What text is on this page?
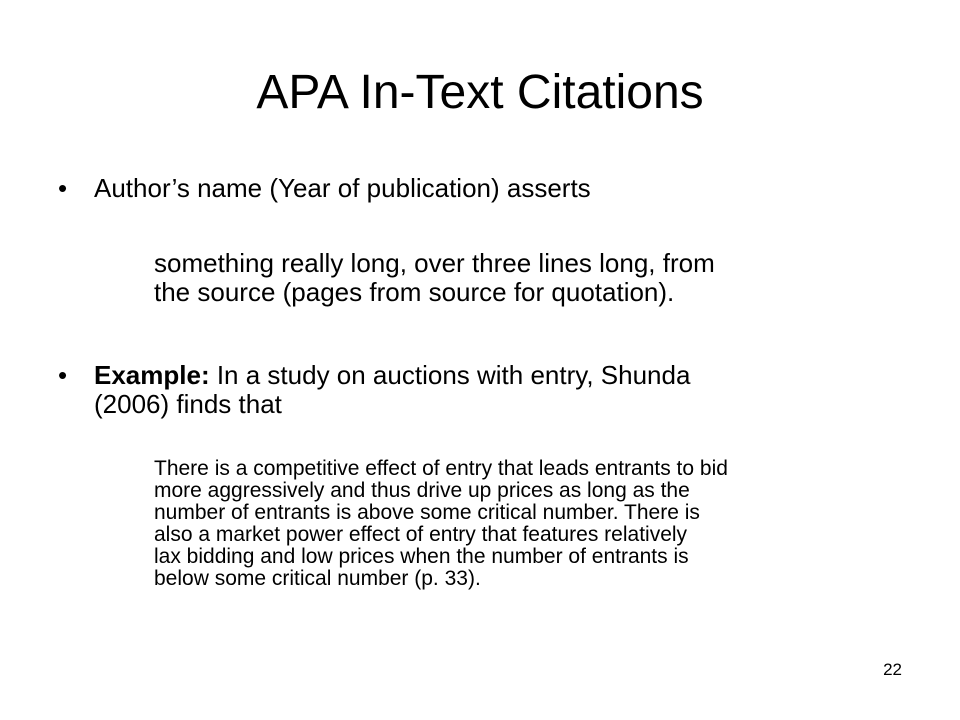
APA In-Text Citations
• Author’s name (Year of publication) asserts
something really long, over three lines long, from
the source (pages from source for quotation).
• Example: In a study on auctions with entry, Shunda
(2006) finds that
There is a competitive effect of entry that leads entrants to bid
more aggressively and thus drive up prices as long as the
number of entrants is above some critical number. There is
also a market power effect of entry that features relatively
lax bidding and low prices when the number of entrants is
below some critical number (p. 33).
22
